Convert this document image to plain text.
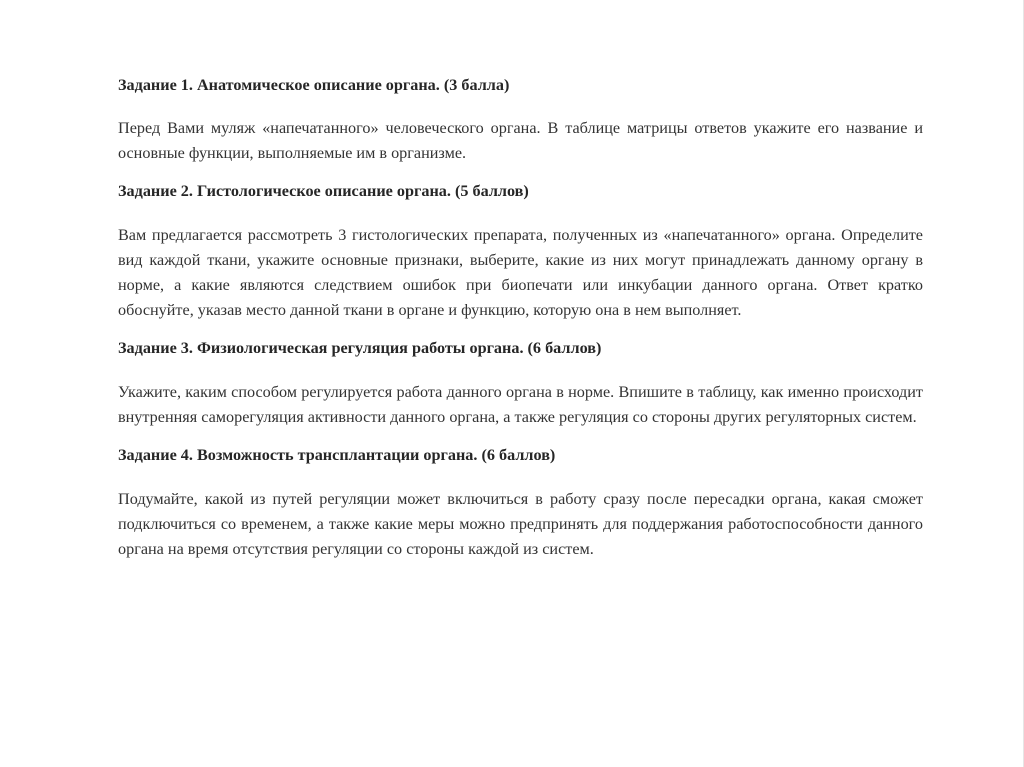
Задание 1. Анатомическое описание органа. (3 балла)
Перед Вами муляж «напечатанного» человеческого органа. В таблице матрицы ответов укажите его название и основные функции, выполняемые им в организме.
Задание 2. Гистологическое описание органа. (5 баллов)
Вам предлагается рассмотреть 3 гистологических препарата, полученных из «напечатанного» органа. Определите вид каждой ткани, укажите основные признаки, выберите, какие из них могут принадлежать данному органу в норме, а какие являются следствием ошибок при биопечати или инкубации данного органа. Ответ кратко обоснуйте, указав место данной ткани в органе и функцию, которую она в нем выполняет.
Задание 3. Физиологическая регуляция работы органа. (6 баллов)
Укажите, каким способом регулируется работа данного органа в норме. Впишите в таблицу, как именно происходит внутренняя саморегуляция активности данного органа, а также регуляция со стороны других регуляторных систем.
Задание 4. Возможность трансплантации органа. (6 баллов)
Подумайте, какой из путей регуляции может включиться в работу сразу после пересадки органа, какая сможет подключиться со временем, а также какие меры можно предпринять для поддержания работоспособности данного органа на время отсутствия регуляции со стороны каждой из систем.
